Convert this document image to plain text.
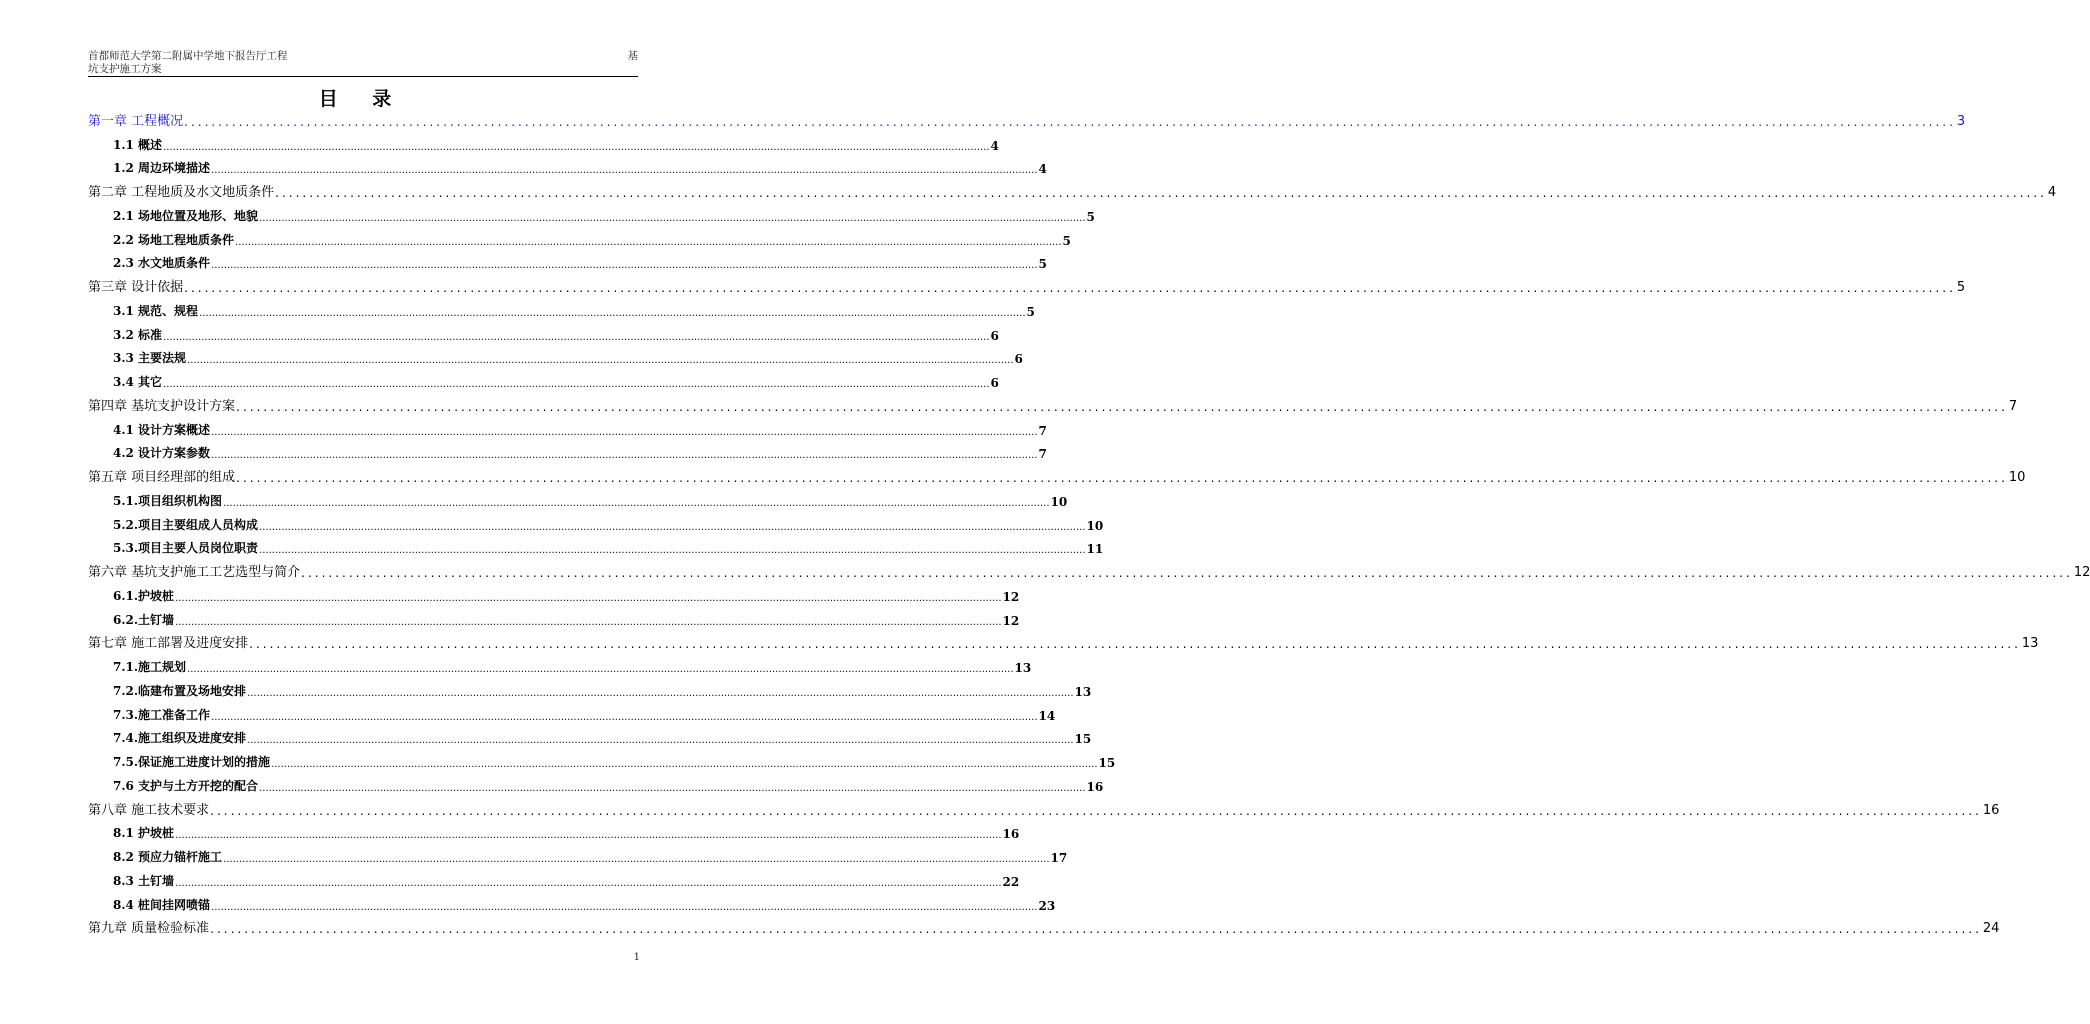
首都师范大学第二附属中学地下报告厅工程	基
坑支护施工方案
目 录
第一章 工程概况 .................................................................................................................................................................................................................................................................... 3
1.1 概述 .................................................................................................................................................................................................................................................................... 4
1.2 周边环境描述 .................................................................................................................................................................................................................................................................... 4
第二章 工程地质及水文地质条件 .................................................................................................................................................................................................................................................................... 4
2.1 场地位置及地形、地貌 .................................................................................................................................................................................................................................................................... 5
2.2 场地工程地质条件 .................................................................................................................................................................................................................................................................... 5
2.3 水文地质条件 .................................................................................................................................................................................................................................................................... 5
第三章 设计依据 .................................................................................................................................................................................................................................................................... 5
3.1 规范、规程 .................................................................................................................................................................................................................................................................... 5
3.2 标准 .................................................................................................................................................................................................................................................................... 6
3.3 主要法规 .................................................................................................................................................................................................................................................................... 6
3.4 其它 .................................................................................................................................................................................................................................................................... 6
第四章 基坑支护设计方案 .................................................................................................................................................................................................................................................................... 7
4.1 设计方案概述 .................................................................................................................................................................................................................................................................... 7
4.2 设计方案参数 .................................................................................................................................................................................................................................................................... 7
第五章 项目经理部的组成 .................................................................................................................................................................................................................................................................... 10
5.1.项目组织机构图 .................................................................................................................................................................................................................................................................... 10
5.2.项目主要组成人员构成 .................................................................................................................................................................................................................................................................... 10
5.3.项目主要人员岗位职责 .................................................................................................................................................................................................................................................................... 11
第六章 基坑支护施工工艺选型与简介 .................................................................................................................................................................................................................................................................... 12
6.1.护坡桩 .................................................................................................................................................................................................................................................................... 12
6.2.土钉墙 .................................................................................................................................................................................................................................................................... 12
第七章 施工部署及进度安排 .................................................................................................................................................................................................................................................................... 13
7.1.施工规划 .................................................................................................................................................................................................................................................................... 13
7.2.临建布置及场地安排 .................................................................................................................................................................................................................................................................... 13
7.3.施工准备工作 .................................................................................................................................................................................................................................................................... 14
7.4.施工组织及进度安排 .................................................................................................................................................................................................................................................................... 15
7.5.保证施工进度计划的措施 .................................................................................................................................................................................................................................................................... 15
7.6 支护与土方开挖的配合 .................................................................................................................................................................................................................................................................... 16
第八章 施工技术要求 .................................................................................................................................................................................................................................................................... 16
8.1 护坡桩 .................................................................................................................................................................................................................................................................... 16
8.2 预应力锚杆施工 .................................................................................................................................................................................................................................................................... 17
8.3 土钉墙 .................................................................................................................................................................................................................................................................... 22
8.4 桩间挂网喷锚 .................................................................................................................................................................................................................................................................... 23
第九章 质量检验标准 .................................................................................................................................................................................................................................................................... 24
1
